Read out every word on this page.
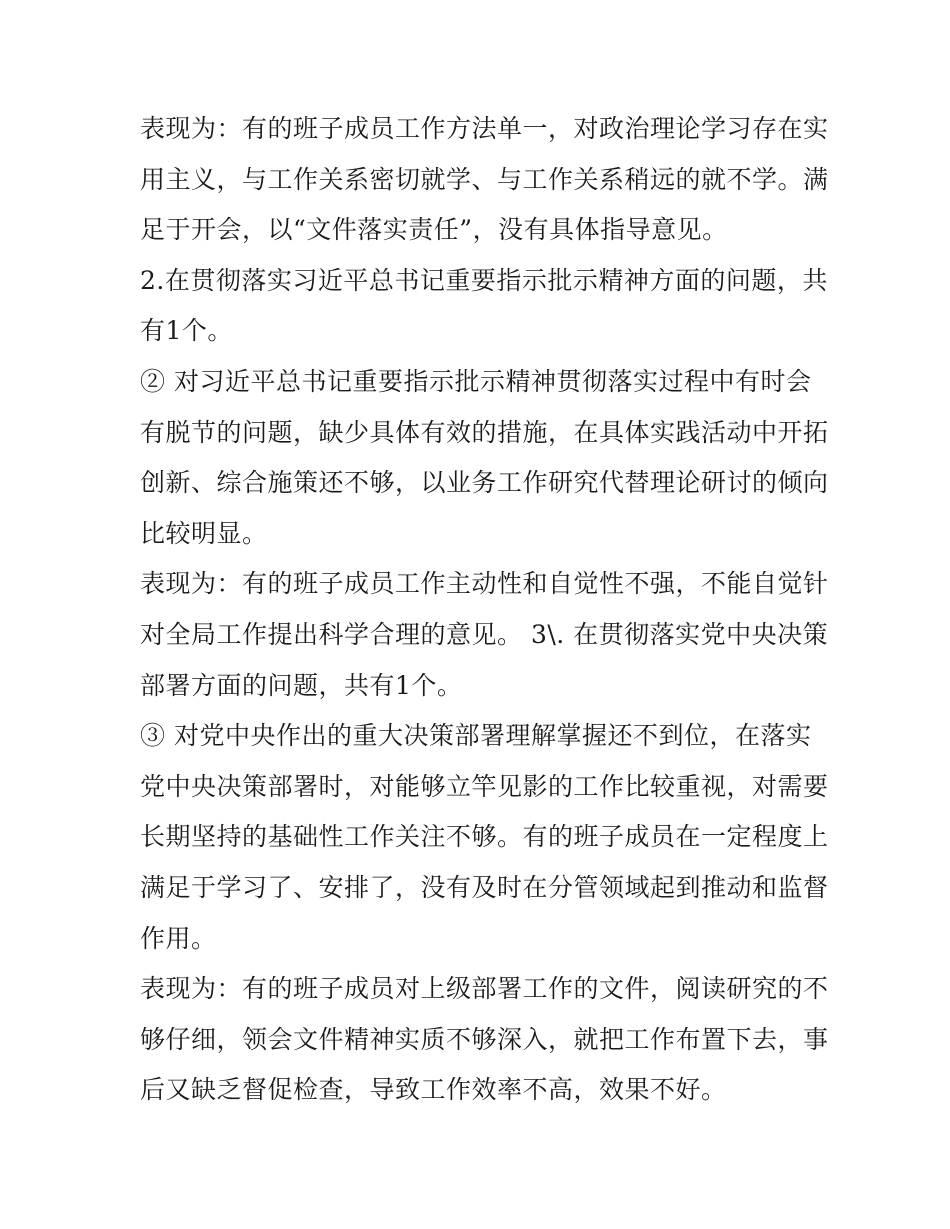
表现为：有的班子成员工作方法单一，对政治理论学习存在实
用主义，与工作关系密切就学、与工作关系稍远的就不学。满
足于开会，以“文件落实责任”，没有具体指导意见。

2.在贯彻落实习近平总书记重要指示批示精神方面的问题，共
有1个。

② 对习近平总书记重要指示批示精神贯彻落实过程中有时会
有脱节的问题，缺少具体有效的措施，在具体实践活动中开拓
创新、综合施策还不够，以业务工作研究代替理论研讨的倾向
比较明显。

表现为：有的班子成员工作主动性和自觉性不强，不能自觉针
对全局工作提出科学合理的意见。 3\. 在贯彻落实党中央决策
部署方面的问题，共有1个。

③ 对党中央作出的重大决策部署理解掌握还不到位，在落实
党中央决策部署时，对能够立竿见影的工作比较重视，对需要
长期坚持的基础性工作关注不够。有的班子成员在一定程度上
满足于学习了、安排了，没有及时在分管领域起到推动和监督
作用。

表现为：有的班子成员对上级部署工作的文件，阅读研究的不
够仔细，领会文件精神实质不够深入，就把工作布置下去，事
后又缺乏督促检查，导致工作效率不高，效果不好。
